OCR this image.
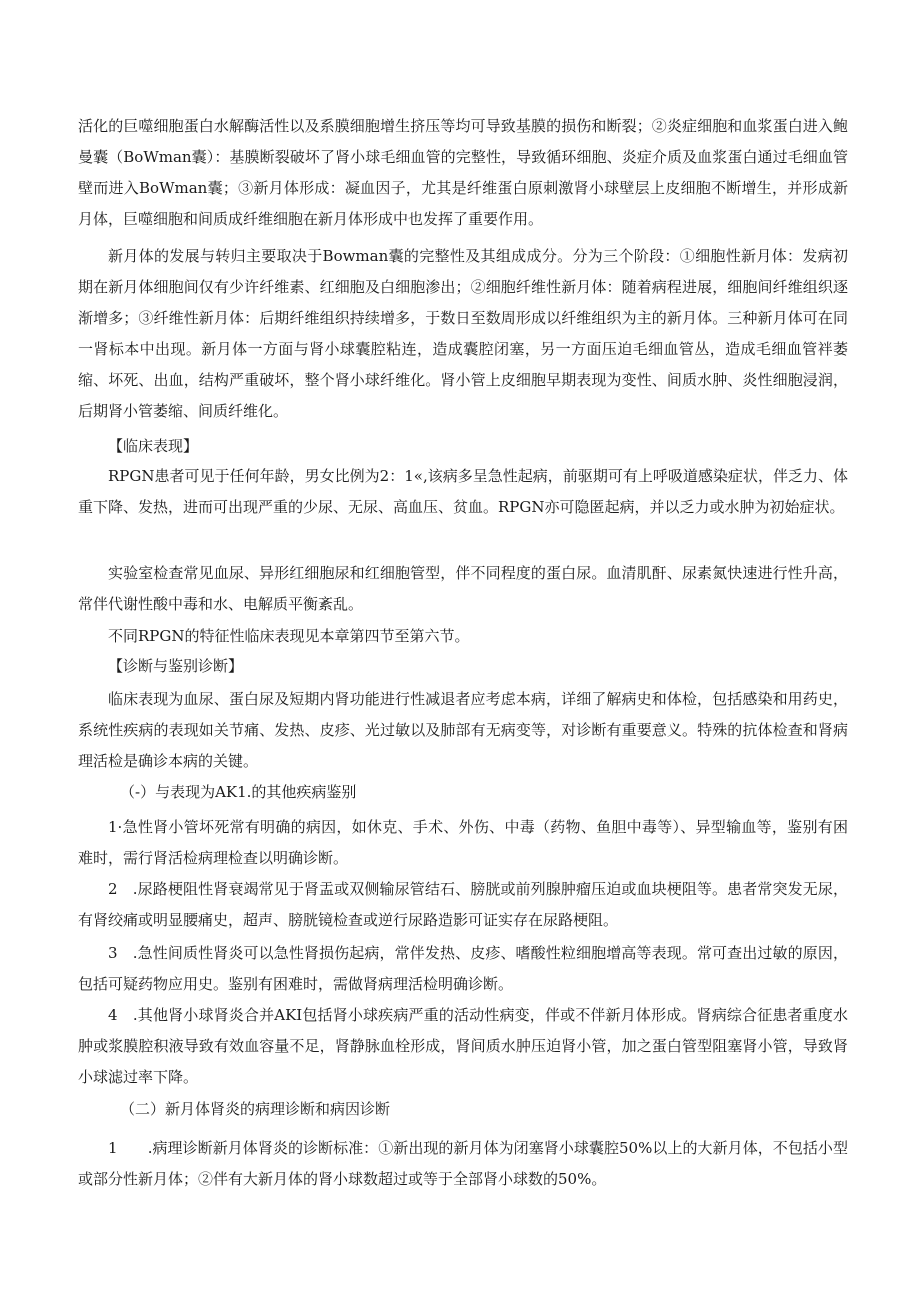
活化的巨噬细胞蛋白水解酶活性以及系膜细胞增生挤压等均可导致基膜的损伤和断裂；②炎症细胞和血浆蛋白进入鲍曼囊（BoWman囊）：基膜断裂破坏了肾小球毛细血管的完整性，导致循环细胞、炎症介质及血浆蛋白通过毛细血管壁而进入BoWman囊；③新月体形成：凝血因子，尤其是纤维蛋白原刺激肾小球壁层上皮细胞不断增生，并形成新月体，巨噬细胞和间质成纤维细胞在新月体形成中也发挥了重要作用。

新月体的发展与转归主要取决于Bowman囊的完整性及其组成成分。分为三个阶段：①细胞性新月体：发病初期在新月体细胞间仅有少许纤维素、红细胞及白细胞渗出；②细胞纤维性新月体：随着病程进展，细胞间纤维组织逐渐增多；③纤维性新月体：后期纤维组织持续增多，于数日至数周形成以纤维组织为主的新月体。三种新月体可在同一肾标本中出现。新月体一方面与肾小球囊腔粘连，造成囊腔闭塞，另一方面压迫毛细血管丛，造成毛细血管袢萎缩、坏死、出血，结构严重破坏，整个肾小球纤维化。肾小管上皮细胞早期表现为变性、间质水肿、炎性细胞浸润，后期肾小管萎缩、间质纤维化。

【临床表现】

RPGN患者可见于任何年龄，男女比例为2：1«,该病多呈急性起病，前驱期可有上呼吸道感染症状，伴乏力、体重下降、发热，进而可出现严重的少尿、无尿、高血压、贫血。RPGN亦可隐匿起病，并以乏力或水肿为初始症状。

实验室检查常见血尿、异形红细胞尿和红细胞管型，伴不同程度的蛋白尿。血清肌酐、尿素氮快速进行性升高，常伴代谢性酸中毒和水、电解质平衡紊乱。

不同RPGN的特征性临床表现见本章第四节至第六节。

【诊断与鉴别诊断】

临床表现为血尿、蛋白尿及短期内肾功能进行性减退者应考虑本病，详细了解病史和体检，包括感染和用药史，系统性疾病的表现如关节痛、发热、皮疹、光过敏以及肺部有无病变等，对诊断有重要意义。特殊的抗体检查和肾病理活检是确诊本病的关键。

（-）与表现为AK1.的其他疾病鉴别

1·急性肾小管坏死常有明确的病因，如休克、手术、外伤、中毒（药物、鱼胆中毒等）、异型输血等，鉴别有困难时，需行肾活检病理检查以明确诊断。

2　.尿路梗阻性肾衰竭常见于肾盂或双侧输尿管结石、膀胱或前列腺肿瘤压迫或血块梗阻等。患者常突发无尿，有肾绞痛或明显腰痛史，超声、膀胱镜检查或逆行尿路造影可证实存在尿路梗阻。

3　.急性间质性肾炎可以急性肾损伤起病，常伴发热、皮疹、嗜酸性粒细胞增高等表现。常可查出过敏的原因，包括可疑药物应用史。鉴别有困难时，需做肾病理活检明确诊断。

4　.其他肾小球肾炎合并AKI包括肾小球疾病严重的活动性病变，伴或不伴新月体形成。肾病综合征患者重度水肿或浆膜腔积液导致有效血容量不足，肾静脉血栓形成，肾间质水肿压迫肾小管，加之蛋白管型阻塞肾小管，导致肾小球滤过率下降。

（二）新月体肾炎的病理诊断和病因诊断

1　　.病理诊断新月体肾炎的诊断标准：①新出现的新月体为闭塞肾小球囊腔50%以上的大新月体，不包括小型或部分性新月体；②伴有大新月体的肾小球数超过或等于全部肾小球数的50%。
